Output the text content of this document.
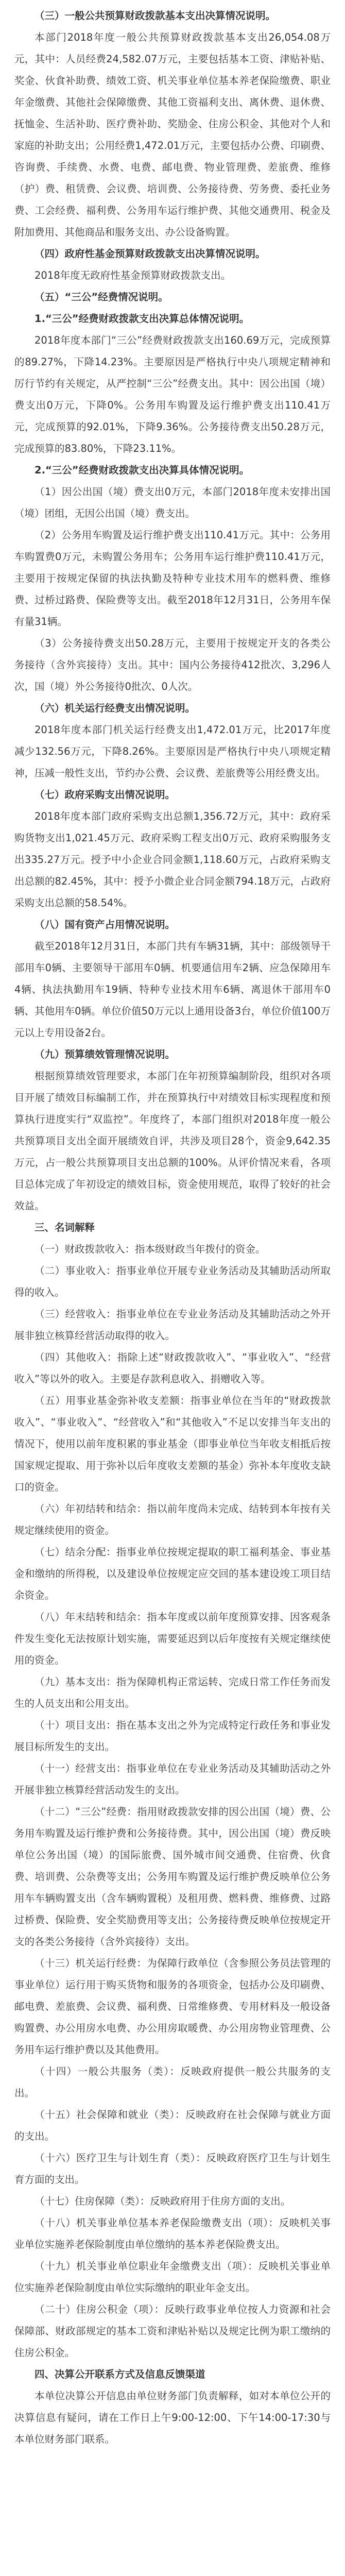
（三）一般公共预算财政拨款基本支出决算情况说明。

本部门2018年度一般公共预算财政拨款基本支出26,054.08万元，其中：人员经费24,582.07万元，主要包括基本工资、津贴补贴、奖金、伙食补助费、绩效工资、机关事业单位基本养老保险缴费、职业年金缴费、其他社会保障缴费、其他工资福利支出、离休费、退休费、抚恤金、生活补助、医疗费补助、奖励金、住房公积金、其他对个人和家庭的补助支出；公用经费1,472.01万元，主要包括办公费、印刷费、咨询费、手续费、水费、电费、邮电费、物业管理费、差旅费、维修（护）费、租赁费、会议费、培训费、公务接待费、劳务费、委托业务费、工会经费、福利费、公务用车运行维护费、其他交通费用、税金及附加费用、其他商品和服务支出、办公设备购置。

（四）政府性基金预算财政拨款支出决算情况说明。

2018年度无政府性基金预算财政拨款支出。

（五）“三公”经费情况说明。

1.“三公”经费财政拨款支出决算总体情况说明。

2018年度本部门“三公”经费财政拨款支出160.69万元，完成预算的89.27%，下降14.23%。主要原因是严格执行中央八项规定精神和厉行节约有关规定，从严控制“三公”经费支出。其中：因公出国（境）费支出0万元，下降0%。公务用车购置及运行维护费支出110.41万元，完成预算的92.01%，下降9.36%。公务接待费支出50.28万元，完成预算的83.80%，下降23.11%。

2.“三公”经费财政拨款支出决算具体情况说明。

（1）因公出国（境）费支出0万元，本部门2018年度未安排出国（境）团组，无因公出国（境）费支出。

（2）公务用车购置及运行维护费支出110.41万元。其中：公务用车购置费0万元，未购置公务用车；公务用车运行维护费110.41万元，主要用于按规定保留的执法执勤及特种专业技术用车的燃料费、维修费、过桥过路费、保险费等支出。截至2018年12月31日，公务用车保有量31辆。

（3）公务接待费支出50.28万元，主要用于按规定开支的各类公务接待（含外宾接待）支出。其中：国内公务接待412批次、3,296人次，国（境）外公务接待0批次、0人次。

（六）机关运行经费支出情况说明。

2018年度本部门机关运行经费支出1,472.01万元，比2017年度减少132.56万元，下降8.26%。主要原因是严格执行中央八项规定精神，压减一般性支出，节约办公费、会议费、差旅费等公用经费支出。

（七）政府采购支出情况说明。

2018年度本部门政府采购支出总额1,356.72万元，其中：政府采购货物支出1,021.45万元、政府采购工程支出0万元、政府采购服务支出335.27万元。授予中小企业合同金额1,118.60万元，占政府采购支出总额的82.45%，其中：授予小微企业合同金额794.18万元，占政府采购支出总额的58.54%。

（八）国有资产占用情况说明。

截至2018年12月31日，本部门共有车辆31辆，其中：部级领导干部用车0辆、主要领导干部用车0辆、机要通信用车2辆、应急保障用车4辆、执法执勤用车19辆、特种专业技术用车6辆、离退休干部用车0辆、其他用车0辆。单位价值50万元以上通用设备3台，单位价值100万元以上专用设备2台。

（九）预算绩效管理情况说明。

根据预算绩效管理要求，本部门在年初预算编制阶段，组织对各项目开展了绩效目标编制工作，并在预算执行中对绩效目标实现程度和预算执行进度实行“双监控”。年度终了，本部门组织对2018年度一般公共预算项目支出全面开展绩效自评，共涉及项目28个，资金9,642.35万元，占一般公共预算项目支出总额的100%。从评价情况来看，各项目总体完成了年初设定的绩效目标，资金使用规范，取得了较好的社会效益。

三、名词解释

（一）财政拨款收入：指本级财政当年拨付的资金。

（二）事业收入：指事业单位开展专业业务活动及其辅助活动所取得的收入。

（三）经营收入：指事业单位在专业业务活动及其辅助活动之外开展非独立核算经营活动取得的收入。

（四）其他收入：指除上述“财政拨款收入”、“事业收入”、“经营收入”等以外的收入。主要是存款利息收入、捐赠收入等。

（五）用事业基金弥补收支差额：指事业单位在当年的“财政拨款收入”、“事业收入”、“经营收入”和“其他收入”不足以安排当年支出的情况下，使用以前年度积累的事业基金（即事业单位当年收支相抵后按国家规定提取、用于弥补以后年度收支差额的基金）弥补本年度收支缺口的资金。

（六）年初结转和结余：指以前年度尚未完成、结转到本年按有关规定继续使用的资金。

（七）结余分配：指事业单位按规定提取的职工福利基金、事业基金和缴纳的所得税，以及建设单位按规定应交回的基本建设竣工项目结余资金。

（八）年末结转和结余：指本年度或以前年度预算安排、因客观条件发生变化无法按原计划实施，需要延迟到以后年度按有关规定继续使用的资金。

（九）基本支出：指为保障机构正常运转、完成日常工作任务而发生的人员支出和公用支出。

（十）项目支出：指在基本支出之外为完成特定行政任务和事业发展目标所发生的支出。

（十一）经营支出：指事业单位在专业业务活动及其辅助活动之外开展非独立核算经营活动发生的支出。

（十二）“三公”经费：指用财政拨款安排的因公出国（境）费、公务用车购置及运行维护费和公务接待费。其中，因公出国（境）费反映单位公务出国（境）的国际旅费、国外城市间交通费、住宿费、伙食费、培训费、公杂费等支出；公务用车购置及运行维护费反映单位公务用车车辆购置支出（含车辆购置税）及租用费、燃料费、维修费、过路过桥费、保险费、安全奖励费用等支出；公务接待费反映单位按规定开支的各类公务接待（含外宾接待）支出。

（十三）机关运行经费：为保障行政单位（含参照公务员法管理的事业单位）运行用于购买货物和服务的各项资金，包括办公及印刷费、邮电费、差旅费、会议费、福利费、日常维修费、专用材料及一般设备购置费、办公用房水电费、办公用房取暖费、办公用房物业管理费、公务用车运行维护费以及其他费用。

（十四）一般公共服务（类）：反映政府提供一般公共服务的支出。

（十五）社会保障和就业（类）：反映政府在社会保障与就业方面的支出。

（十六）医疗卫生与计划生育（类）：反映政府医疗卫生与计划生育方面的支出。

（十七）住房保障（类）：反映政府用于住房方面的支出。

（十八）机关事业单位基本养老保险缴费支出（项）：反映机关事业单位实施养老保险制度由单位缴纳的基本养老保险费支出。

（十九）机关事业单位职业年金缴费支出（项）：反映机关事业单位实施养老保险制度由单位实际缴纳的职业年金支出。

（二十）住房公积金（项）：反映行政事业单位按人力资源和社会保障部、财政部规定的基本工资和津贴补贴以及规定比例为职工缴纳的住房公积金。

四、决算公开联系方式及信息反馈渠道

本单位决算公开信息由单位财务部门负责解释，如对本单位公开的决算信息有疑问，请在工作日上午9:00-12:00、下午14:00-17:30与本单位财务部门联系。
